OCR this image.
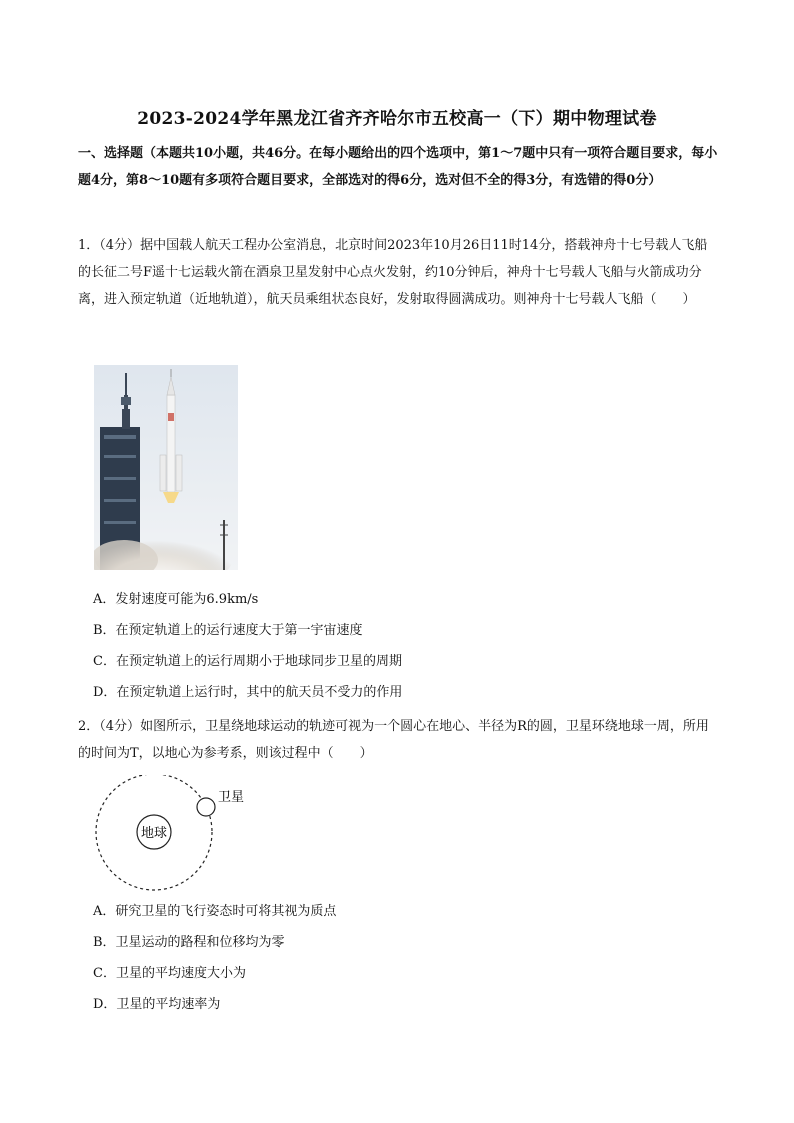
2023-2024学年黑龙江省齐齐哈尔市五校高一（下）期中物理试卷
一、选择题（本题共10小题，共46分。在每小题给出的四个选项中，第1～7题中只有一项符合题目要求，每小题4分，第8～10题有多项符合题目要求，全部选对的得6分，选对但不全的得3分，有选错的得0分）
1．（4分）据中国载人航天工程办公室消息，北京时间2023年10月26日11时14分，搭载神舟十七号载人飞船的长征二号F遥十七运载火箭在酒泉卫星发射中心点火发射，约10分钟后，神舟十七号载人飞船与火箭成功分离，进入预定轨道（近地轨道），航天员乘组状态良好，发射取得圆满成功。则神舟十七号载人飞船（　　）
A．发射速度可能为6.9km/s
B．在预定轨道上的运行速度大于第一宇宙速度
C．在预定轨道上的运行周期小于地球同步卫星的周期
D．在预定轨道上运行时，其中的航天员不受力的作用
2．（4分）如图所示，卫星绕地球运动的轨迹可视为一个圆心在地心、半径为R的圆，卫星环绕地球一周，所用的时间为T，以地心为参考系，则该过程中（　　）
地球
卫星
A．研究卫星的飞行姿态时可将其视为质点
B．卫星运动的路程和位移均为零
C．卫星的平均速度大小为
D．卫星的平均速率为
